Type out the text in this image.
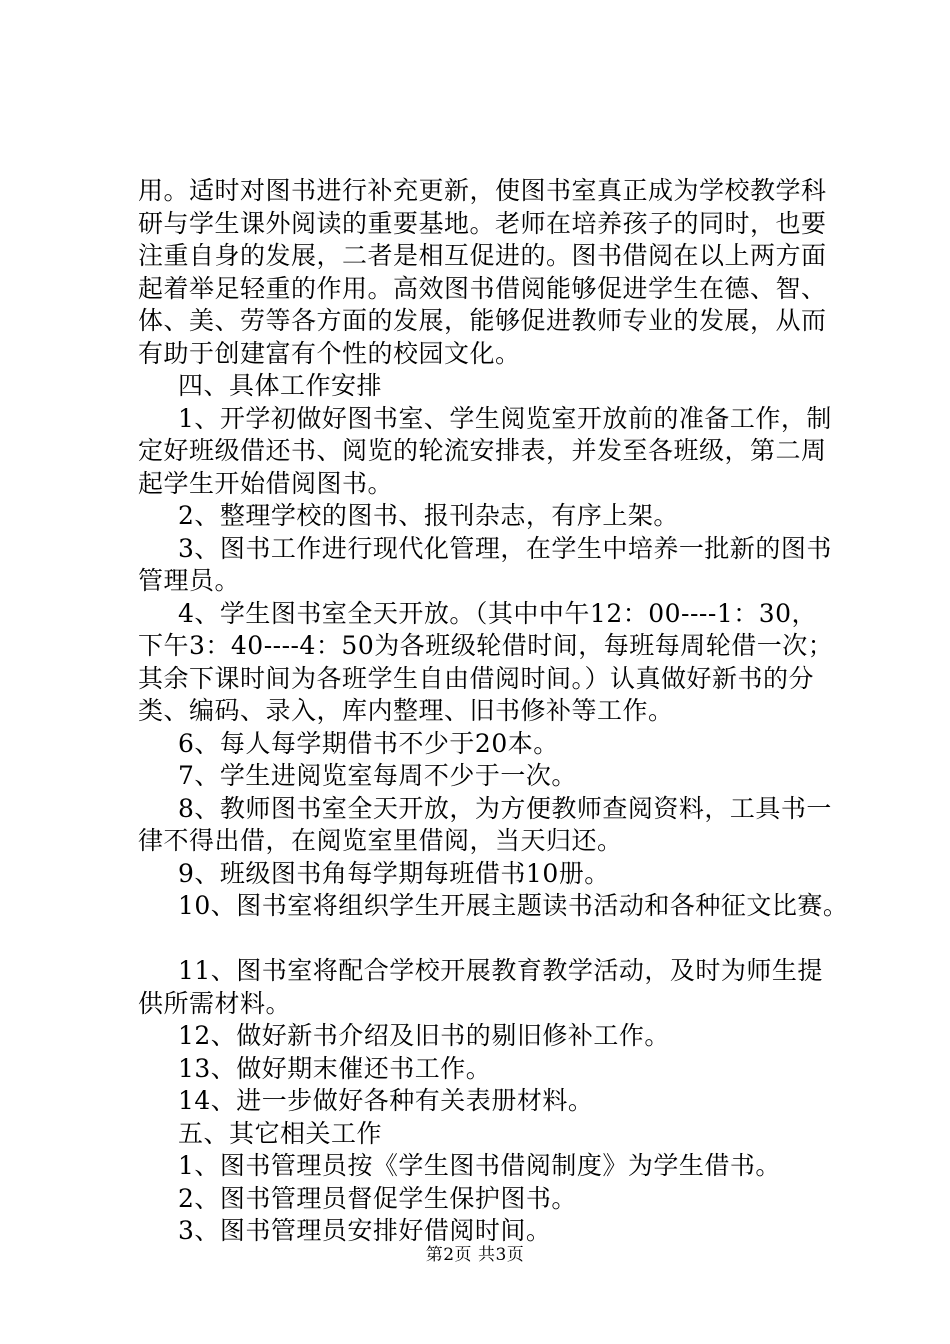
用。适时对图书进行补充更新，使图书室真正成为学校教学科
研与学生课外阅读的重要基地。老师在培养孩子的同时，也要
注重自身的发展，二者是相互促进的。图书借阅在以上两方面
起着举足轻重的作用。高效图书借阅能够促进学生在德、智、
体、美、劳等各方面的发展，能够促进教师专业的发展，从而
有助于创建富有个性的校园文化。
四、具体工作安排
1、开学初做好图书室、学生阅览室开放前的准备工作，制
定好班级借还书、阅览的轮流安排表，并发至各班级，第二周
起学生开始借阅图书。
2、整理学校的图书、报刊杂志，有序上架。
3、图书工作进行现代化管理，在学生中培养一批新的图书
管理员。
4、学生图书室全天开放。（其中中午12：00----1：30，
下午3：40----4：50为各班级轮借时间，每班每周轮借一次；
其余下课时间为各班学生自由借阅时间。）认真做好新书的分
类、编码、录入，库内整理、旧书修补等工作。
6、每人每学期借书不少于20本。
7、学生进阅览室每周不少于一次。
8、教师图书室全天开放，为方便教师查阅资料，工具书一
律不得出借，在阅览室里借阅，当天归还。
9、班级图书角每学期每班借书10册。
10、图书室将组织学生开展主题读书活动和各种征文比赛。
11、图书室将配合学校开展教育教学活动，及时为师生提
供所需材料。
12、做好新书介绍及旧书的剔旧修补工作。
13、做好期末催还书工作。
14、进一步做好各种有关表册材料。
五、其它相关工作
1、图书管理员按《学生图书借阅制度》为学生借书。
2、图书管理员督促学生保护图书。
3、图书管理员安排好借阅时间。
第2页 共3页
